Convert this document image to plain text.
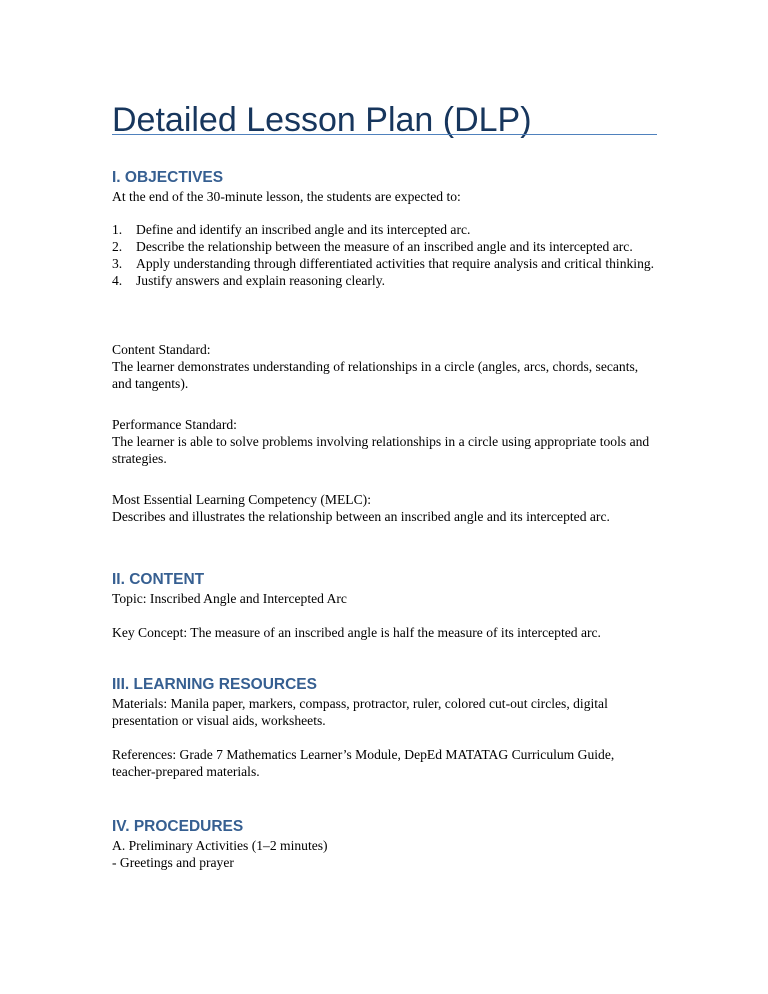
Detailed Lesson Plan (DLP)
I. OBJECTIVES

At the end of the 30-minute lesson, the students are expected to:

1. Define and identify an inscribed angle and its intercepted arc.
2. Describe the relationship between the measure of an inscribed angle and its intercepted arc.
3. Apply understanding through differentiated activities that require analysis and critical thinking.
4. Justify answers and explain reasoning clearly.

Content Standard:

The learner demonstrates understanding of relationships in a circle (angles, arcs, chords, secants, and tangents).

Performance Standard:

The learner is able to solve problems involving relationships in a circle using appropriate tools and strategies.

Most Essential Learning Competency (MELC):

Describes and illustrates the relationship between an inscribed angle and its intercepted arc.

II. CONTENT

Topic: Inscribed Angle and Intercepted Arc

Key Concept: The measure of an inscribed angle is half the measure of its intercepted arc.

III. LEARNING RESOURCES

Materials: Manila paper, markers, compass, protractor, ruler, colored cut-out circles, digital presentation or visual aids, worksheets.

References: Grade 7 Mathematics Learner’s Module, DepEd MATATAG Curriculum Guide, teacher-prepared materials.

IV. PROCEDURES

A. Preliminary Activities (1–2 minutes)

- Greetings and prayer
